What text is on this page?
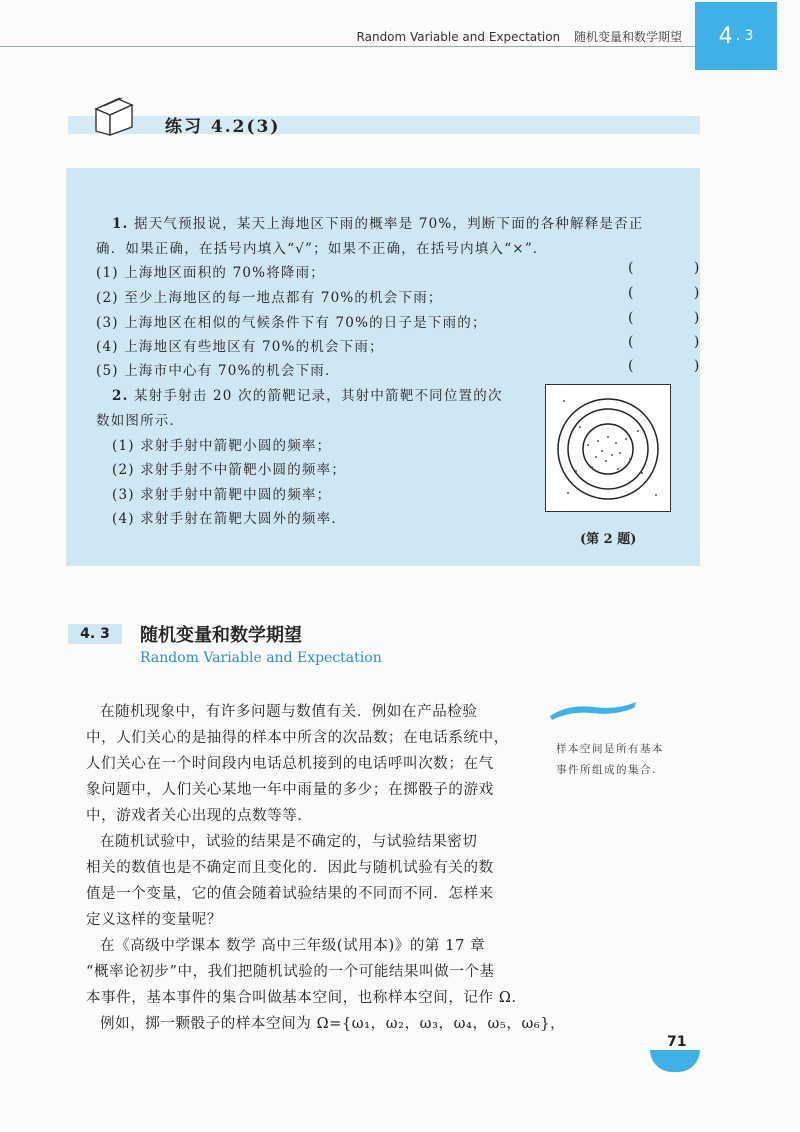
Random Variable and Expectation 随机变量和数学期望 4 . 3
练习 4.2(3)
1. 据天气预报说，某天上海地区下雨的概率是 70%，判断下面的各种解释是否正
确．如果正确，在括号内填入“√”；如果不正确，在括号内填入“×”．
(1) 上海地区面积的 70%将降雨；
(2) 至少上海地区的每一地点都有 70%的机会下雨；
(3) 上海地区在相似的气候条件下有 70%的日子是下雨的；
(4) 上海地区有些地区有 70%的机会下雨；
(5) 上海市中心有 70%的机会下雨．
( )
( )
( )
( )
( )
2. 某射手射击 20 次的箭靶记录，其射中箭靶不同位置的次
数如图所示．
(1) 求射手射中箭靶小圆的频率；
(2) 求射手射不中箭靶小圆的频率；
(3) 求射手射中箭靶中圆的频率；
(4) 求射手射在箭靶大圆外的频率．
(第 2 题)
4. 3	随机变量和数学期望
Random Variable and Expectation
在随机现象中，有许多问题与数值有关．例如在产品检验
中，人们关心的是抽得的样本中所含的次品数；在电话系统中，
人们关心在一个时间段内电话总机接到的电话呼叫次数；在气
象问题中，人们关心某地一年中雨量的多少；在掷骰子的游戏
中，游戏者关心出现的点数等等．
在随机试验中，试验的结果是不确定的，与试验结果密切
相关的数值也是不确定而且变化的．因此与随机试验有关的数
值是一个变量，它的值会随着试验结果的不同而不同．怎样来
定义这样的变量呢？
在《高级中学课本 数学 高中三年级(试用本)》的第 17 章
“概率论初步”中，我们把随机试验的一个可能结果叫做一个基
本事件，基本事件的集合叫做基本空间，也称样本空间，记作 Ω．
例如，掷一颗骰子的样本空间为 Ω={ω₁，ω₂，ω₃，ω₄，ω₅，ω₆}，
样本空间是所有基本
事件所组成的集合.
71
